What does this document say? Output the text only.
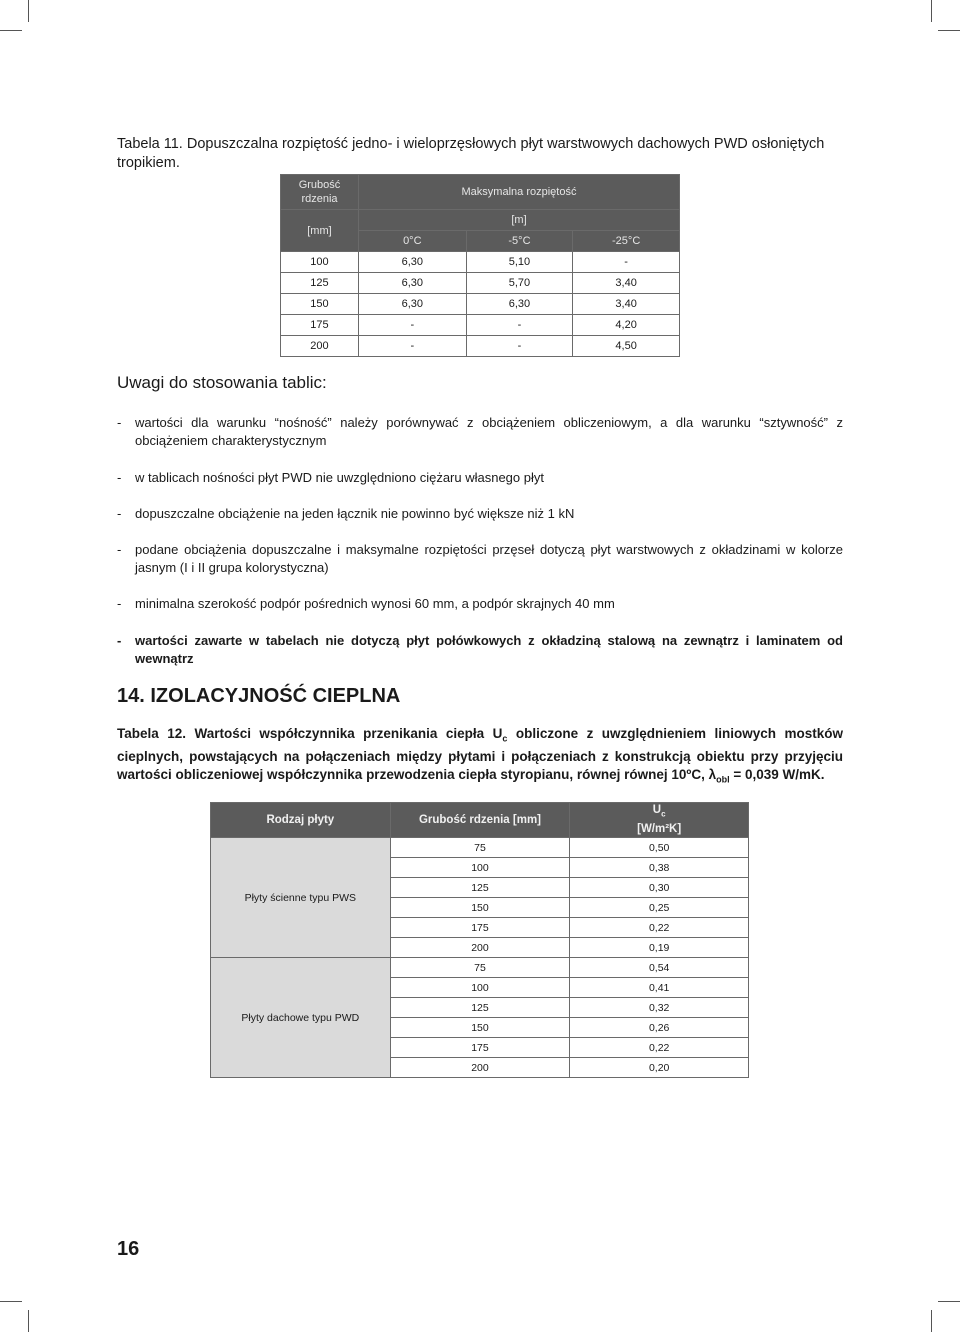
Tabela 11. Dopuszczalna rozpiętość jedno- i wieloprzęsłowych płyt warstwowych dachowych PWD osłoniętych tropikiem.
Grubość rdzenia	Maksymalna rozpiętość		
[mm]	[m]		
	0°C	-5°C	-25°C
100	6,30	5,10	-
125	6,30	5,70	3,40
150	6,30	6,30	3,40
175	-	-	4,20
200	-	-	4,50
Uwagi do stosowania tablic:
- wartości dla warunku “nośność” należy porównywać z obciążeniem obliczeniowym, a dla warunku “sztywność” z obciążeniem charakterystycznym
- w tablicach nośności płyt PWD nie uwzględniono ciężaru własnego płyt
- dopuszczalne obciążenie na jeden łącznik nie powinno być większe niż 1 kN
- podane obciążenia dopuszczalne i maksymalne rozpiętości przęseł dotyczą płyt warstwowych z okładzinami w kolorze jasnym (I i II grupa kolorystyczna)
- minimalna szerokość podpór pośrednich wynosi 60 mm, a podpór skrajnych 40 mm
- wartości zawarte w tabelach nie dotyczą płyt połówkowych z okładziną stalową na zewnątrz i laminatem od wewnątrz
14. IZOLACYJNOŚĆ CIEPLNA
Tabela 12. Wartości współczynnika przenikania ciepła $U_c$ obliczone z uwzględnieniem liniowych mostków cieplnych, powstających na połączeniach między płytami i połączeniach z konstrukcją obiektu przy przyjęciu wartości obliczeniowej współczynnika przewodzenia ciepła styropianu, równej równej 10ºC, $\lambda_{obl} = 0,039$ W/mK.
Rodzaj płyty	Grubość rdzenia [mm]	$U_c$
[W/m²K]
Płyty ścienne typu PWS	75	0,50
	100	0,38
	125	0,30
	150	0,25
	175	0,22
	200	0,19
Płyty dachowe typu PWD	75	0,54
	100	0,41
	125	0,32
	150	0,26
	175	0,22
	200	0,20
16
